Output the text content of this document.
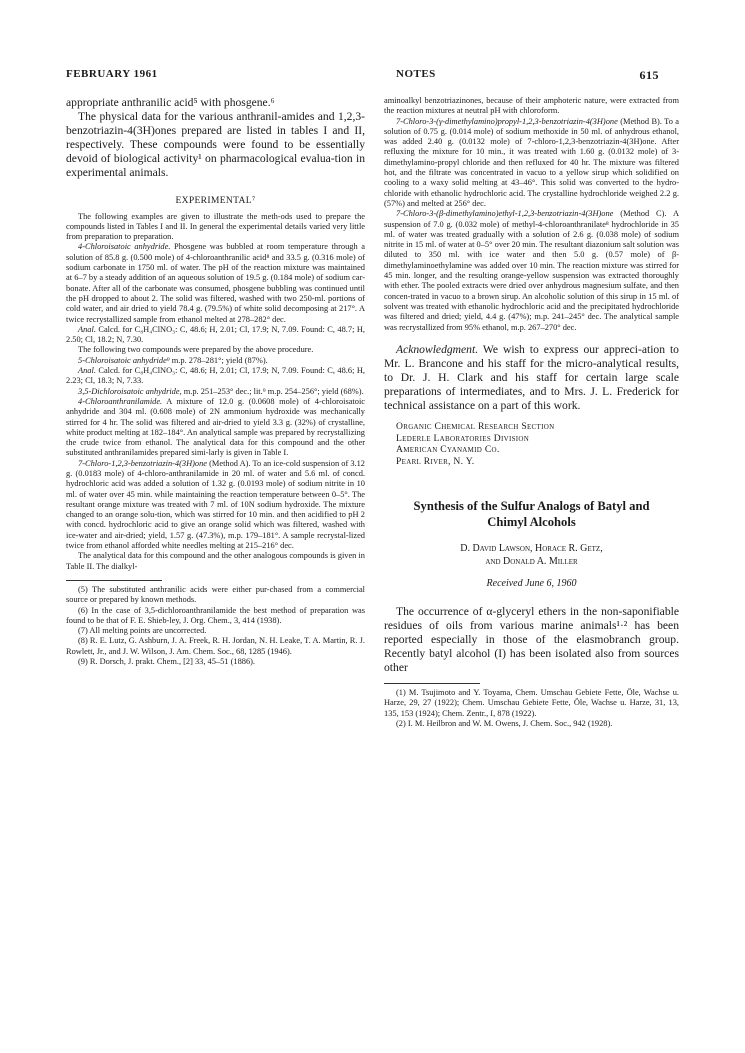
FEBRUARY 1961	NOTES	615

appropriate anthranilic acid⁵ with phosgene.⁶

The physical data for the various anthranil-amides and 1,2,3-benzotriazin-4(3H)ones prepared are listed in tables I and II, respectively. These compounds were found to be essentially devoid of biological activity¹ on pharmacological evalua-tion in experimental animals.

EXPERIMENTAL⁷

The following examples are given to illustrate the meth-ods used to prepare the compounds listed in Tables I and II. In general the experimental details varied very little from preparation to preparation.

4-Chloroisatoic anhydride. Phosgene was bubbled at room temperature through a solution of 85.8 g. (0.500 mole) of 4-chloroanthranilic acid⁸ and 33.5 g. (0.316 mole) of sodium carbonate in 1750 ml. of water. The pH of the reaction mixture was maintained at 6–7 by a steady addition of an aqueous solution of 19.5 g. (0.184 mole) of sodium car-bonate. After all of the carbonate was consumed, phosgene bubbling was continued until the pH dropped to about 2. The solid was filtered, washed with two 250-ml. portions of cold water, and air dried to yield 78.4 g. (79.5%) of white solid decomposing at 217°. A twice recrystallized sample from ethanol melted at 278–282° dec.

Anal. Calcd. for C₈H₄ClNO₃: C, 48.6; H, 2.01; Cl, 17.9; N, 7.09. Found: C, 48.7; H, 2.50; Cl, 18.2; N, 7.30.

The following two compounds were prepared by the above procedure.

5-Chloroisatoic anhydride⁹ m.p. 278–281°; yield (87%).

Anal. Calcd. for C₈H₄ClNO₃: C, 48.6; H, 2.01; Cl, 17.9; N, 7.09. Found: C, 48.6; H, 2.23; Cl, 18.3; N, 7.33.

3,5-Dichloroisatoic anhydride, m.p. 251–253° dec.; lit.⁹ m.p. 254–256°; yield (68%).

4-Chloroanthranilamide. A mixture of 12.0 g. (0.0608 mole) of 4-chloroisatoic anhydride and 304 ml. (0.608 mole) of 2N ammonium hydroxide was mechanically stirred for 4 hr. The solid was filtered and air-dried to yield 3.3 g. (32%) of crystalline, white product melting at 182–184°. An analytical sample was prepared by recrystallizing the crude twice from ethanol. The analytical data for this compound and the other substituted anthranilamides prepared simi-larly is given in Table I.

7-Chloro-1,2,3-benzotriazin-4(3H)one (Method A). To an ice-cold suspension of 3.12 g. (0.0183 mole) of 4-chloro-anthranilamide in 20 ml. of water and 5.6 ml. of concd. hydrochloric acid was added a solution of 1.32 g. (0.0193 mole) of sodium nitrite in 10 ml. of water over 45 min. while maintaining the reaction temperature between 0–5°. The resultant orange mixture was treated with 7 ml. of 10N sodium hydroxide. The mixture changed to an orange solu-tion, which was stirred for 10 min. and then acidified to pH 2 with concd. hydrochloric acid to give an orange solid which was filtered, washed with ice-water and air-dried; yield, 1.57 g. (47.3%), m.p. 179–181°. A sample recrystal-lized twice from ethanol afforded white needles melting at 215–216° dec.

The analytical data for this compound and the other analogous compounds is given in Table II. The dialkyl-

(5) The substituted anthranilic acids were either pur-chased from a commercial source or prepared by known methods.

(6) In the case of 3,5-dichloroanthranilamide the best method of preparation was found to be that of F. E. Shieb-ley, J. Org. Chem., 3, 414 (1938).

(7) All melting points are uncorrected.

(8) R. E. Lutz, G. Ashburn, J. A. Freek, R. H. Jordan, N. H. Leake, T. A. Martin, R. J. Rowlett, Jr., and J. W. Wilson, J. Am. Chem. Soc., 68, 1285 (1946).

(9) R. Dorsch, J. prakt. Chem., [2] 33, 45–51 (1886).

aminoalkyl benzotriazinones, because of their amphoteric nature, were extracted from the reaction mixtures at neutral pH with chloroform.

7-Chloro-3-(γ-dimethylamino)propyl-1,2,3-benzotriazin-4(3H)one (Method B). To a solution of 0.75 g. (0.014 mole) of sodium methoxide in 50 ml. of anhydrous ethanol, was added 2.40 g. (0.0132 mole) of 7-chloro-1,2,3-benzotriazin-4(3H)one. After refluxing the mixture for 10 min., it was treated with 1.60 g. (0.0132 mole) of 3-dimethylamino-propyl chloride and then refluxed for 40 hr. The mixture was filtered hot, and the filtrate was concentrated in vacuo to a yellow sirup which solidified on cooling to a waxy solid melting at 43–46°. This solid was converted to the hydro-chloride with ethanolic hydrochloric acid. The crystalline hydrochloride weighed 2.2 g. (57%) and melted at 256° dec.

7-Chloro-3-(β-dimethylamino)ethyl-1,2,3-benzotriazin-4(3H)one (Method C). A suspension of 7.0 g. (0.032 mole) of methyl-4-chloroanthranilate⁸ hydrochloride in 35 ml. of water was treated gradually with a solution of 2.6 g. (0.038 mole) of sodium nitrite in 15 ml. of water at 0–5° over 20 min. The resultant diazonium salt solution was diluted to 350 ml. with ice water and then 5.0 g. (0.57 mole) of β-dimethylaminoethylamine was added over 10 min. The reaction mixture was stirred for 45 min. longer, and the resulting orange-yellow suspension was extracted thoroughly with ether. The pooled extracts were dried over anhydrous magnesium sulfate, and then concen-trated in vacuo to a brown sirup. An alcoholic solution of this sirup in 15 ml. of solvent was treated with ethanolic hydrochloric acid and the precipitated hydrochloride was filtered and dried; yield, 4.4 g. (47%); m.p. 241–245° dec. The analytical sample was recrystallized from 95% ethanol, m.p. 267–270° dec.

Acknowledgment. We wish to express our appreci-ation to Mr. L. Brancone and his staff for the micro-analytical results, to Dr. J. H. Clark and his staff for certain large scale preparations of intermediates, and to Mrs. J. L. Frederick for technical assistance on a part of this work.

Organic Chemical Research Section

Lederle Laboratories Division

American Cyanamid Co.

Pearl River, N. Y.

Synthesis of the Sulfur Analogs of Batyl and

Chimyl Alcohols

D. David Lawson, Horace R. Getz,

and Donald A. Miller

Received June 6, 1960

The occurrence of α-glyceryl ethers in the non-saponifiable residues of oils from various marine animals¹·² has been reported especially in those of the elasmobranch group. Recently batyl alcohol (I) has been isolated also from sources other

(1) M. Tsujimoto and Y. Toyama, Chem. Umschau Gebiete Fette, Öle, Wachse u. Harze, 29, 27 (1922); Chem. Umschau Gebiete Fette, Öle, Wachse u. Harze, 31, 13, 135, 153 (1924); Chem. Zentr., I, 878 (1922).

(2) I. M. Heilbron and W. M. Owens, J. Chem. Soc., 942 (1928).
